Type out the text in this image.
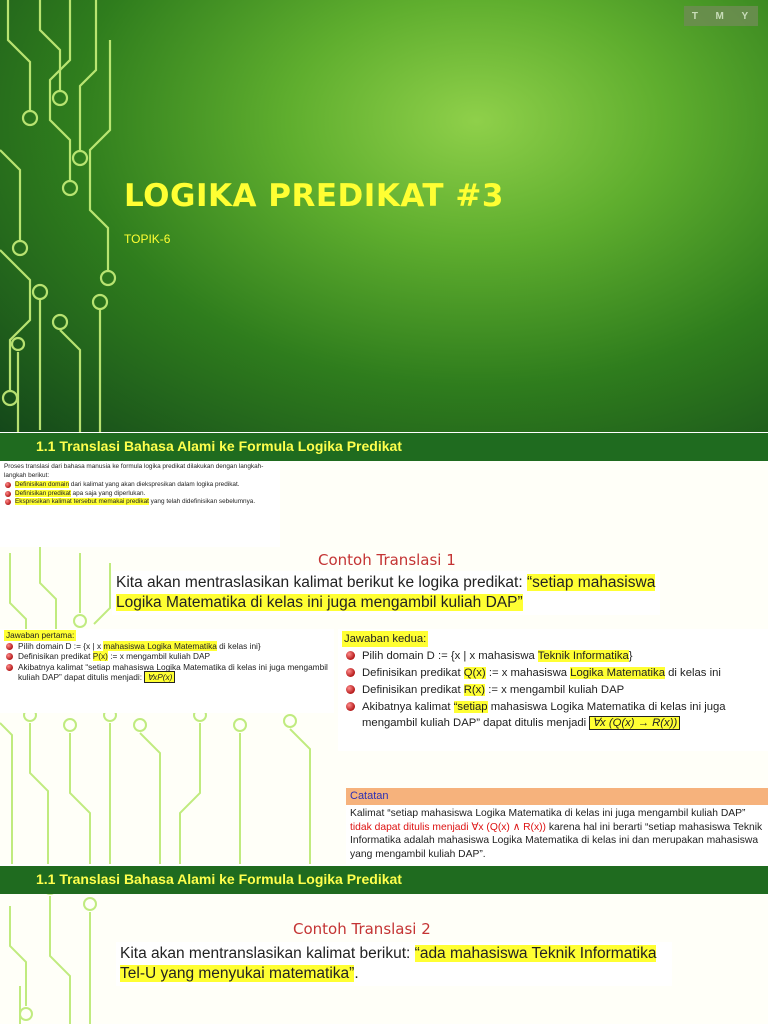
T M Y
LOGIKA PREDIKAT #3
TOPIK-6
1.1 Translasi Bahasa Alami ke Formula Logika Predikat
Proses translasi dari bahasa manusia ke formula logika predikat dilakukan dengan langkah-langkah berikut:
Definisikan domain dari kalimat yang akan diekspresikan dalam logika predikat.
Definisikan predikat apa saja yang diperlukan.
Ekspresikan kalimat tersebut memakai predikat yang telah didefinisikan sebelumnya.
Contoh Translasi 1
Kita akan mentraslasikan kalimat berikut ke logika predikat: “setiap mahasiswa
Logika Matematika di kelas ini juga mengambil kuliah DAP”
Jawaban pertama:
Pilih domain D := {x | x mahasiswa Logika Matematika di kelas ini}
Definisikan predikat P(x) := x mengambil kuliah DAP
Akibatnya kalimat “setiap mahasiswa Logika Matematika di kelas ini juga mengambil kuliah DAP” dapat ditulis menjadi: ∀xP(x)
Jawaban kedua:
Pilih domain D := {x | x mahasiswa Teknik Informatika}
Definisikan predikat Q(x) := x mahasiswa Logika Matematika di kelas ini
Definisikan predikat R(x) := x mengambil kuliah DAP
Akibatnya kalimat “setiap mahasiswa Logika Matematika di kelas ini juga mengambil kuliah DAP” dapat ditulis menjadi ∀x (Q(x) → R(x))
Catatan
Kalimat “setiap mahasiswa Logika Matematika di kelas ini juga mengambil kuliah DAP” tidak dapat ditulis menjadi ∀x (Q(x) ∧ R(x)) karena hal ini berarti “setiap mahasiswa Teknik Informatika adalah mahasiswa Logika Matematika di kelas ini dan merupakan mahasiswa yang mengambil kuliah DAP”.
1.1 Translasi Bahasa Alami ke Formula Logika Predikat
Contoh Translasi 2
Kita akan mentranslasikan kalimat berikut: “ada mahasiswa Teknik Informatika
Tel-U yang menyukai matematika”.
